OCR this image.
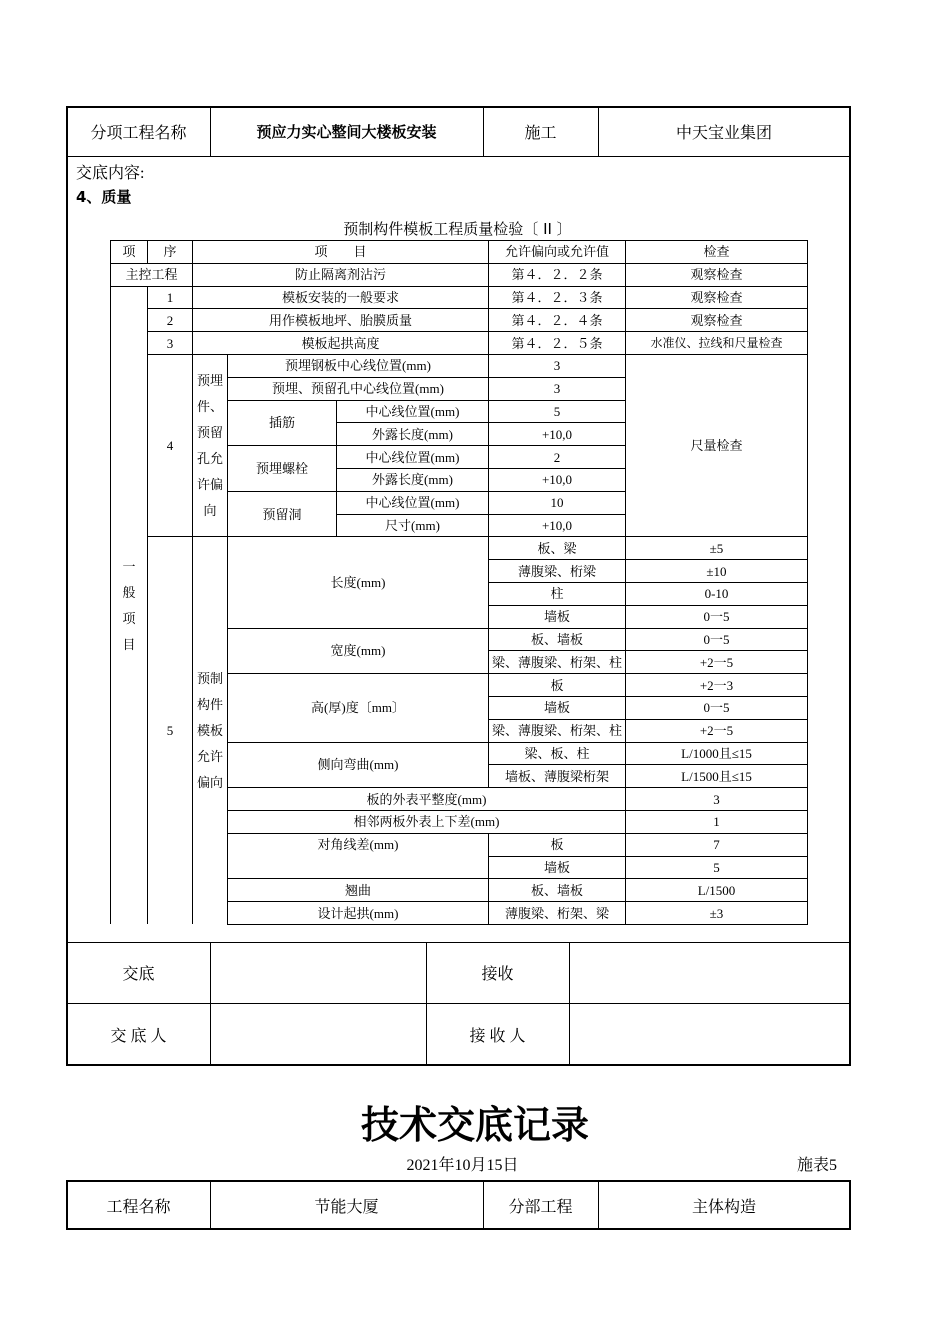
分项工程名称	预应力实心整间大楼板安装	施工	中天宝业集团
交底内容:
4、质量
预制构件模板工程质量检验〔 II 〕
项	序	项　　目			允许偏向或允许值	检查	
主控工程		防止隔离剂沾污			第４．２．２条	观察检查	

一般项目	1	模板安装的一般要求			第４．２．３条	观察检查	
	2	用作模板地坪、胎膜质量			第４．２．４条	观察检查	
	3	模板起拱高度			第４．２．５条	水准仪、拉线和尺量检查	
	4	预埋件、预留孔允许偏向	预埋钢板中心线位置(mm)		3	尺量检查	
			预埋、预留孔中心线位置(mm)		3		
			插筋	中心线位置(mm)	5		
				外露长度(mm)	+10,0		
			预埋螺栓	中心线位置(mm)	2		
				外露长度(mm)	+10,0		
			预留洞	中心线位置(mm)	10		
				尺寸(mm)	+10,0		
	5	预制构件模板允许偏向	长度(mm)		板、梁	±5	

					薄腹梁、桁梁	±10	
					柱	0-10	
					墙板	0一5	
			宽度(mm)		板、墙板	0一5	
					梁、薄腹梁、桁架、柱	+2一5	
			高(厚)度〔mm〕		板	+2一3	
					墙板	0一5	
					梁、薄腹梁、桁架、柱	+2一5	
			侧向弯曲(mm)		梁、板、柱	L/1000且≤15	
					墙板、薄腹梁桁架	L/1500且≤15	
			板的外表平整度(mm)			3	
			相邻两板外表上下差(mm)			1	
			对角线差(mm)		板	7	
					墙板	5	
			翘曲		板、墙板	L/1500	
			设计起拱(mm)		薄腹梁、桁架、梁	±3	
交底	接收
交 底 人	接 收 人
技术交底记录
2021年10月15日	施表5
工程名称	节能大厦	分部工程	主体构造
